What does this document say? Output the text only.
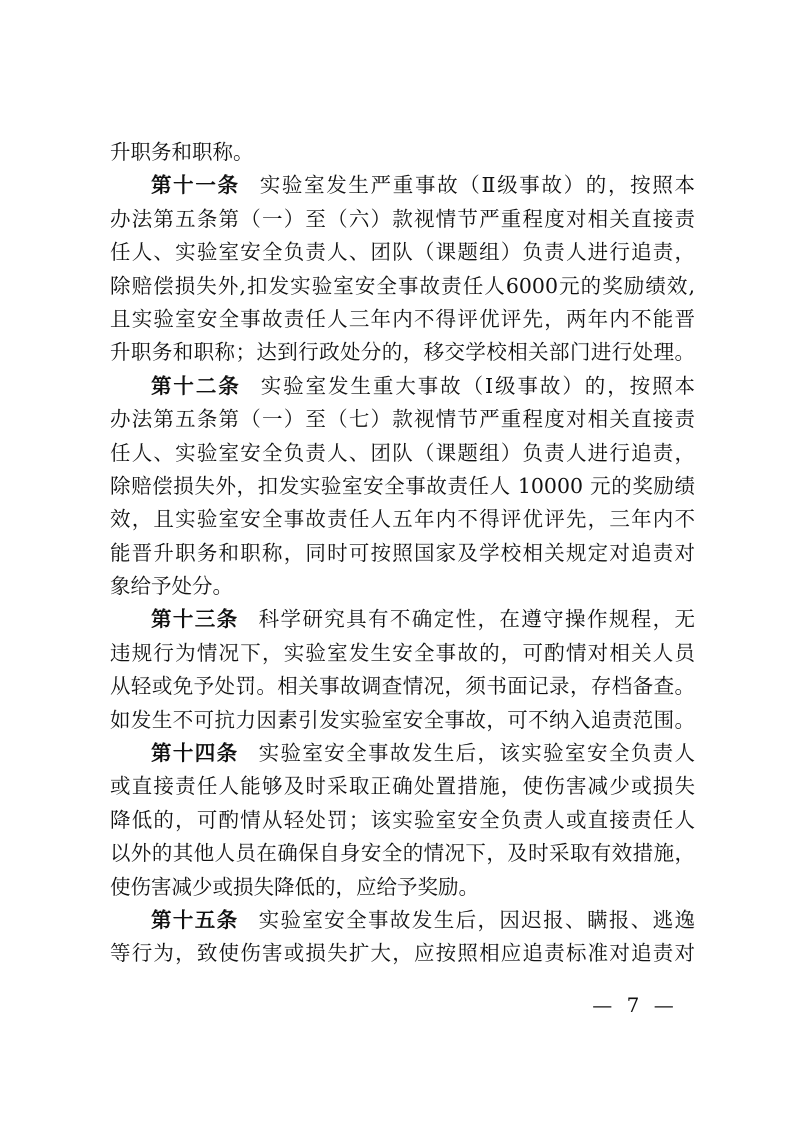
升职务和职称。
第十一条 实验室发生严重事故（Ⅱ级事故）的，按照本
办法第五条第（一）至（六）款视情节严重程度对相关直接责
任人、实验室安全负责人、团队（课题组）负责人进行追责，
除赔偿损失外,扣发实验室安全事故责任人6000元的奖励绩效,
且实验室安全事故责任人三年内不得评优评先，两年内不能晋
升职务和职称；达到行政处分的，移交学校相关部门进行处理。
第十二条 实验室发生重大事故（Ⅰ级事故）的，按照本
办法第五条第（一）至（七）款视情节严重程度对相关直接责
任人、实验室安全负责人、团队（课题组）负责人进行追责，
除赔偿损失外，扣发实验室安全事故责任人 10000 元的奖励绩
效，且实验室安全事故责任人五年内不得评优评先，三年内不
能晋升职务和职称，同时可按照国家及学校相关规定对追责对
象给予处分。
第十三条 科学研究具有不确定性，在遵守操作规程，无
违规行为情况下，实验室发生安全事故的，可酌情对相关人员
从轻或免予处罚。相关事故调查情况，须书面记录，存档备查。
如发生不可抗力因素引发实验室安全事故，可不纳入追责范围。
第十四条 实验室安全事故发生后，该实验室安全负责人
或直接责任人能够及时采取正确处置措施，使伤害减少或损失
降低的，可酌情从轻处罚；该实验室安全负责人或直接责任人
以外的其他人员在确保自身安全的情况下，及时采取有效措施，
使伤害减少或损失降低的，应给予奖励。
第十五条 实验室安全事故发生后，因迟报、瞒报、逃逸
等行为，致使伤害或损失扩大，应按照相应追责标准对追责对
— 7 —
